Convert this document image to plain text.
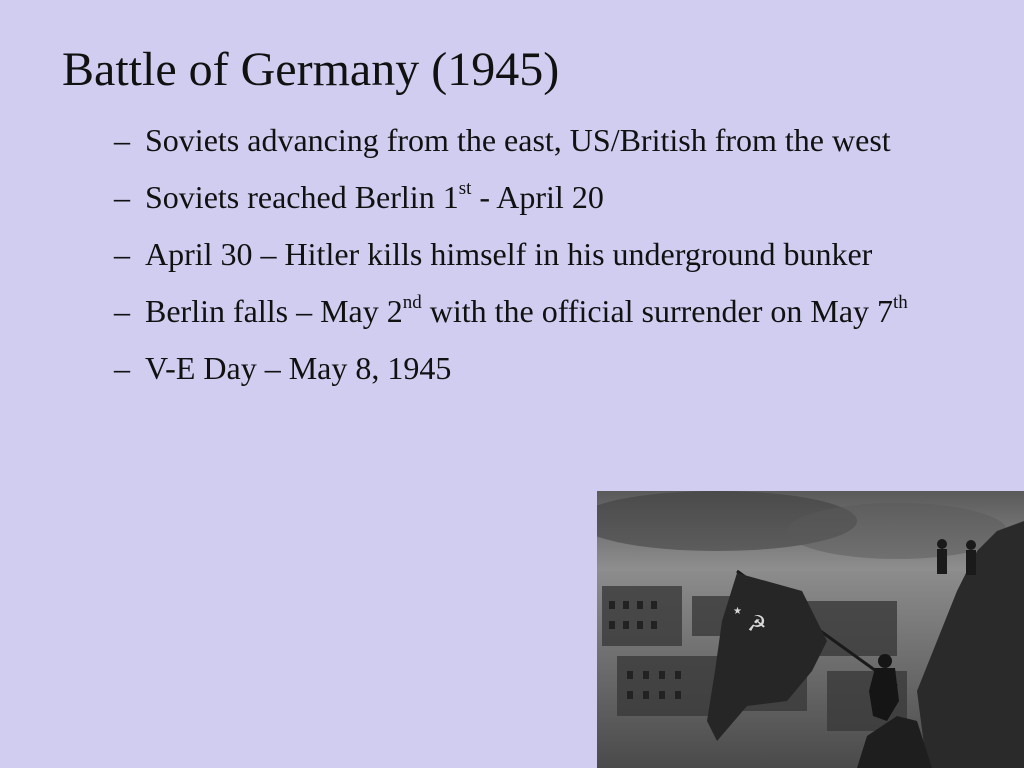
Battle of Germany (1945)
– Soviets advancing from the east, US/British from the west
– Soviets reached Berlin 1st - April 20
– April 30 – Hitler kills himself in his underground bunker
– Berlin falls – May 2nd with the official surrender on May 7th
– V-E Day – May 8, 1945
☭
★
